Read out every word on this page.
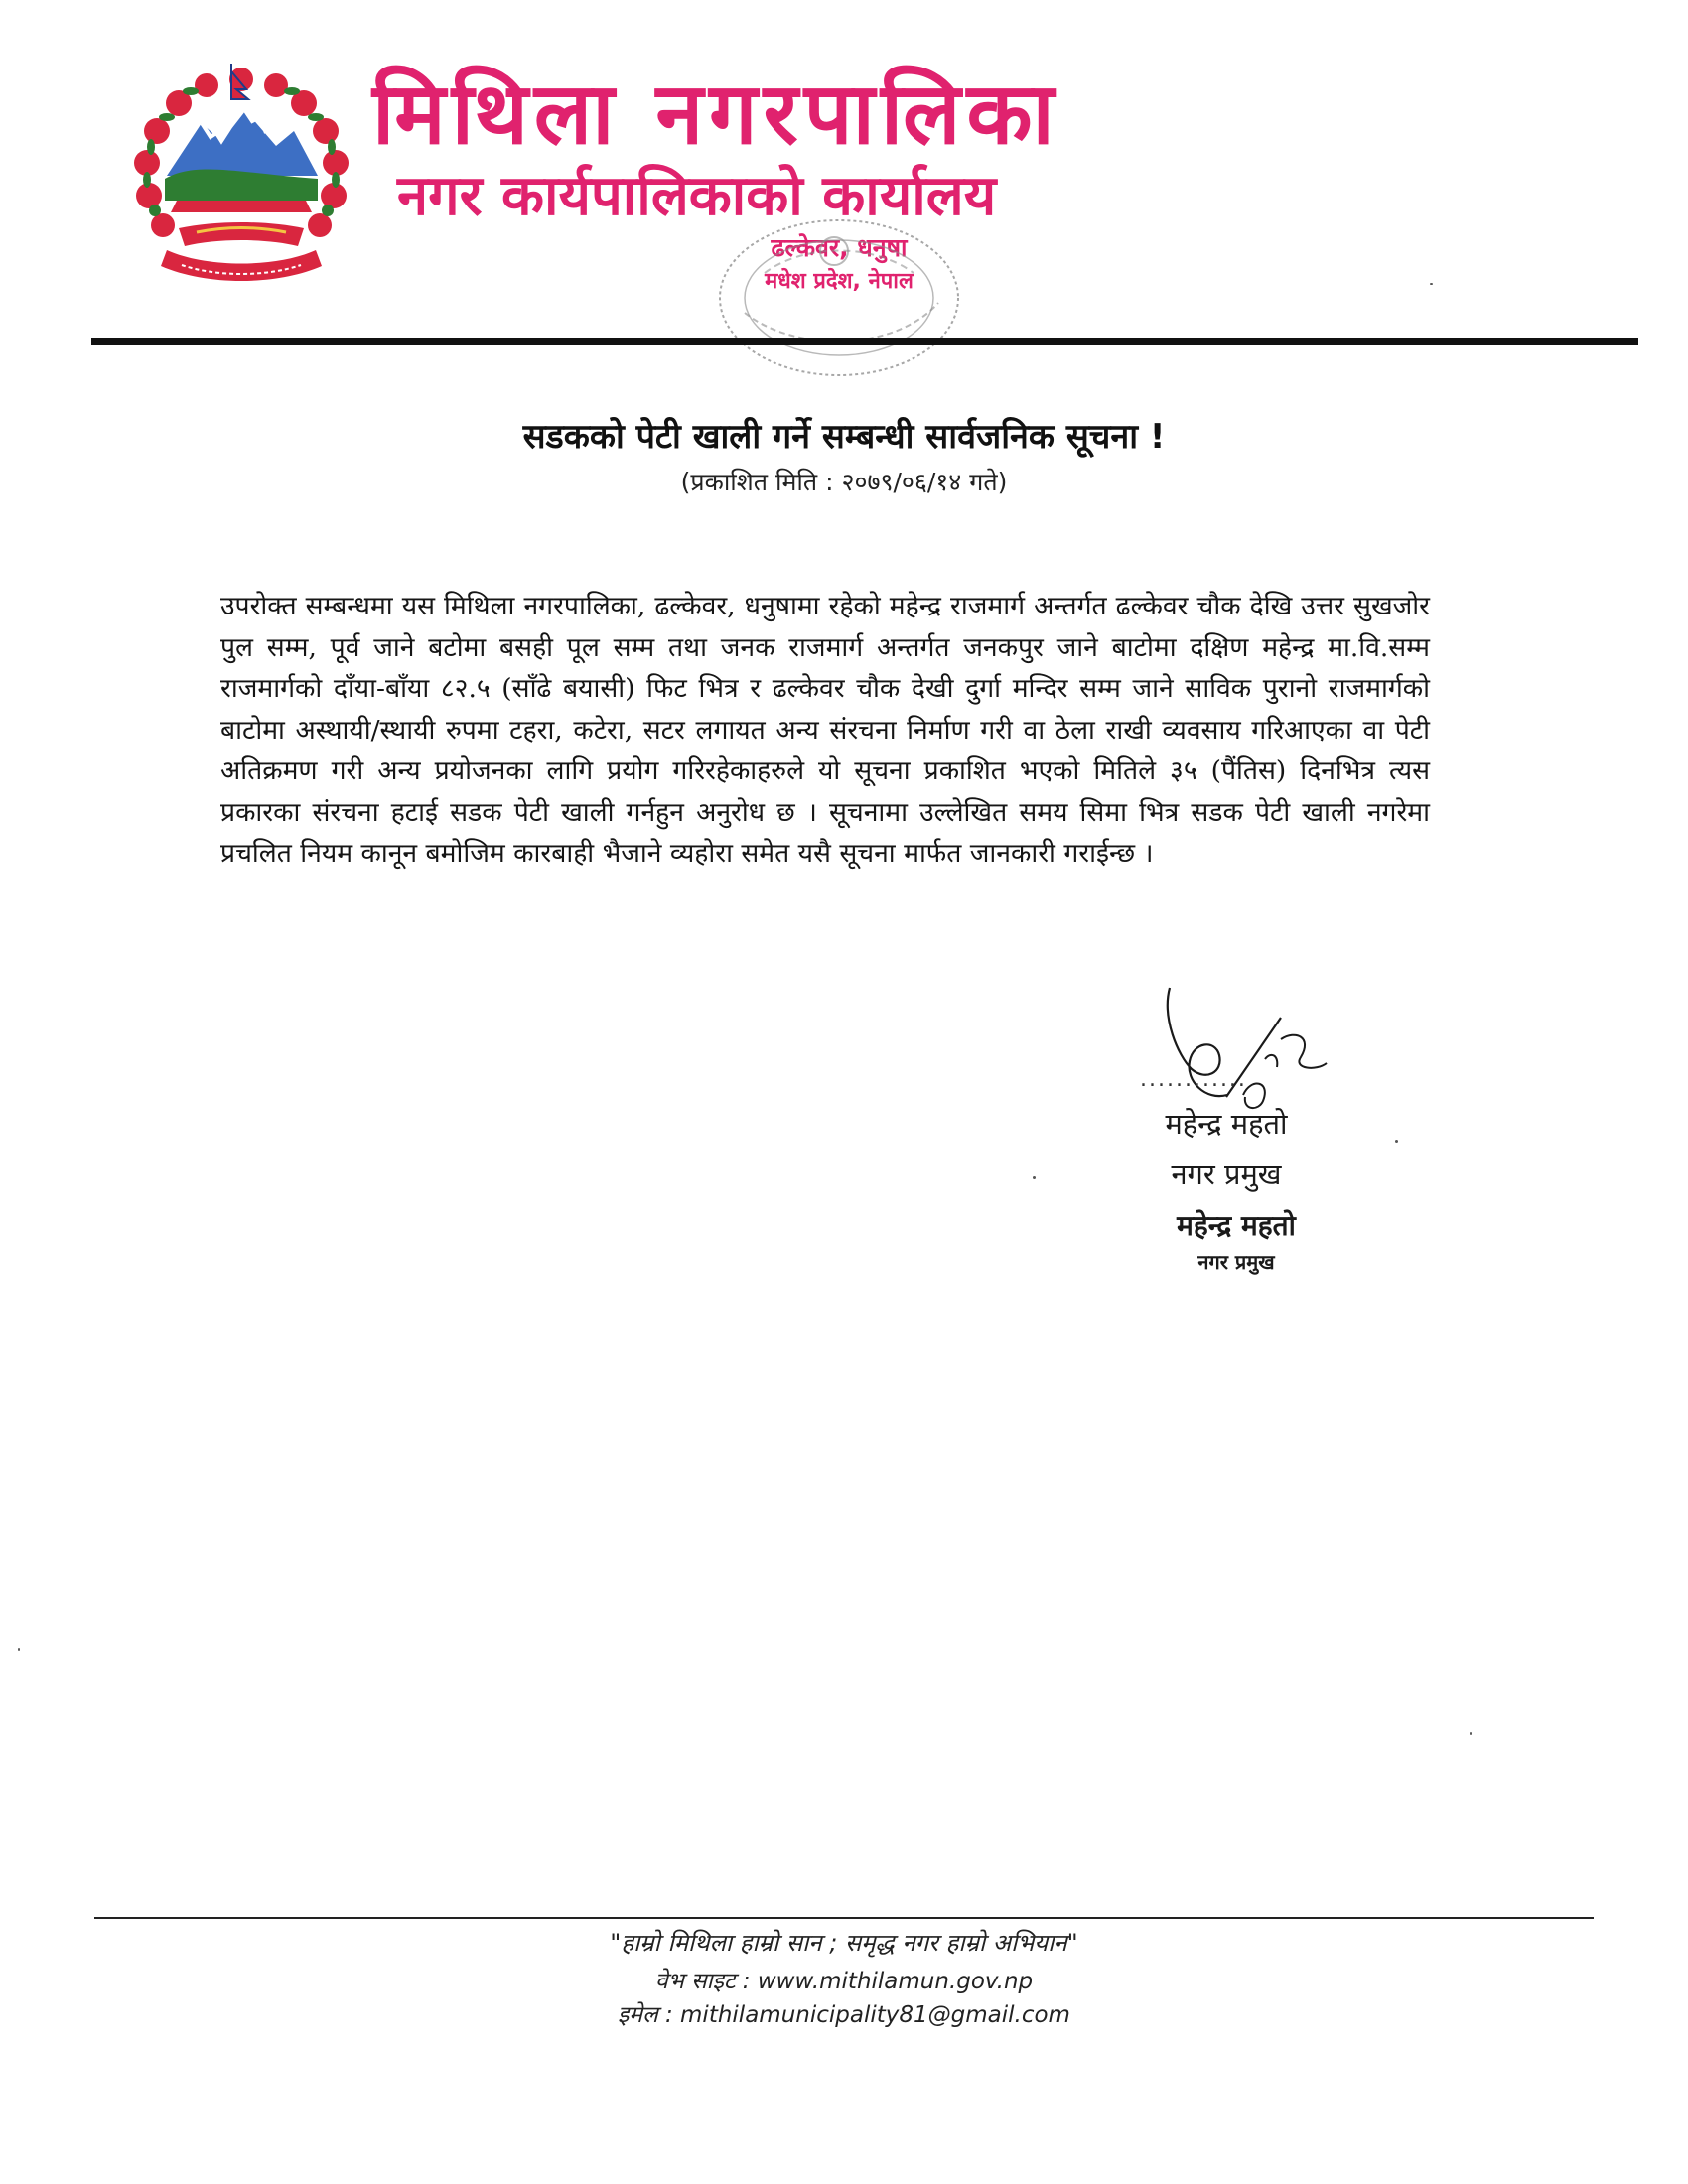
मिथिला नगरपालिका
नगर कार्यपालिकाको कार्यालय
ढल्केवर, धनुषा
मधेश प्रदेश, नेपाल
सडकको पेटी खाली गर्ने सम्बन्धी सार्वजनिक सूचना !
(प्रकाशित मिति : २०७९/०६/१४ गते)
उपरोक्त सम्बन्धमा यस मिथिला नगरपालिका, ढल्केवर, धनुषामा रहेको महेन्द्र राजमार्ग अन्तर्गत ढल्केवर चौक देखि उत्तर सुखजोर पुल सम्म, पूर्व जाने बटोमा बसही पूल सम्म तथा जनक राजमार्ग अन्तर्गत जनकपुर जाने बाटोमा दक्षिण महेन्द्र मा.वि.सम्म राजमार्गको दाँया-बाँया ८२.५ (साँढे बयासी) फिट भित्र र ढल्केवर चौक देखी दुर्गा मन्दिर सम्म जाने साविक पुरानो राजमार्गको बाटोमा अस्थायी/स्थायी रुपमा टहरा, कटेरा, सटर लगायत अन्य संरचना निर्माण गरी वा ठेला राखी व्यवसाय गरिआएका वा पेटी अतिक्रमण गरी अन्य प्रयोजनका लागि प्रयोग गरिरहेकाहरुले यो सूचना प्रकाशित भएको मितिले ३५ (पैंतिस) दिनभित्र त्यस प्रकारका संरचना हटाई सडक पेटी खाली गर्नहुन अनुरोध छ । सूचनामा उल्लेखित समय सिमा भित्र सडक पेटी खाली नगरेमा प्रचलित नियम कानून बमोजिम कारबाही भैजाने व्यहोरा समेत यसै सूचना मार्फत जानकारी गराईन्छ ।
............
महेन्द्र महतो
नगर प्रमुख
महेन्द्र महतो
नगर प्रमुख
"हाम्रो मिथिला हाम्रो सान ; समृद्ध नगर हाम्रो अभियान"
वेभ साइट : www.mithilamun.gov.np
इमेल : mithilamunicipality81@gmail.com
